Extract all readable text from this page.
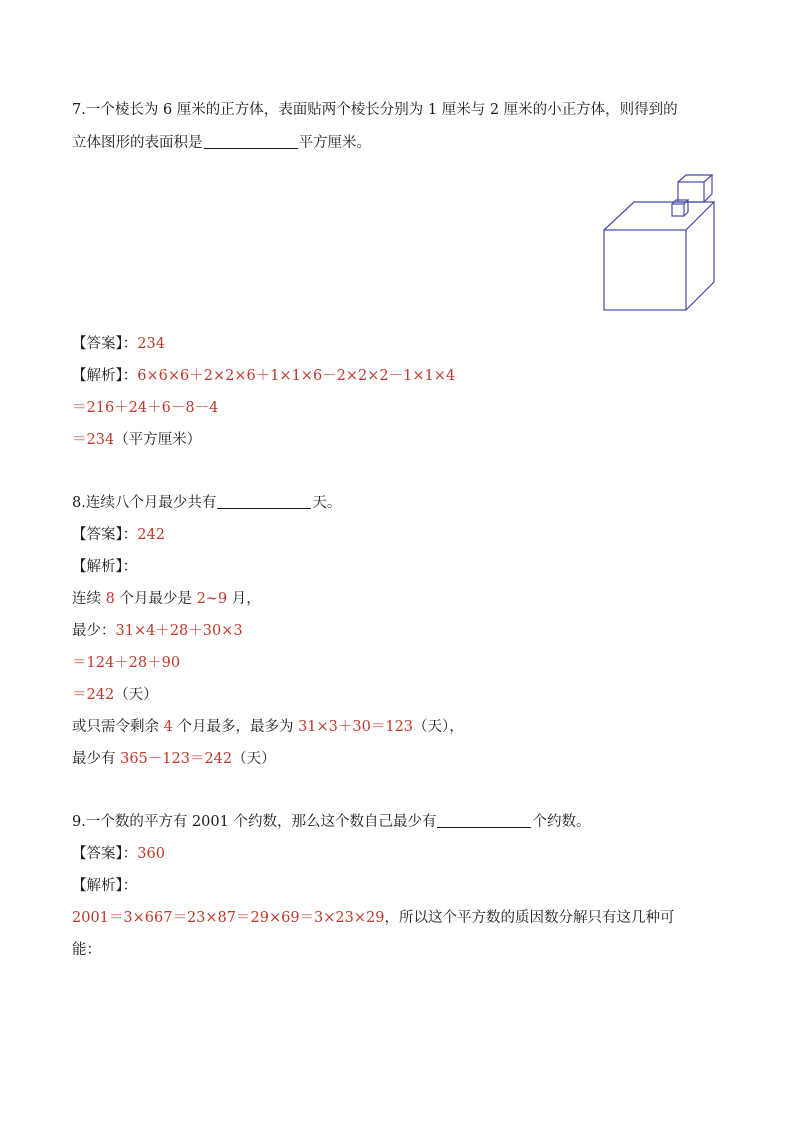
7.一个棱长为 6 厘米的正方体，表面贴两个棱长分别为 1 厘米与 2 厘米的小正方体，则得到的
立体图形的表面积是	平方厘米。
【答案】：234
【解析】：6×6×6＋2×2×6＋1×1×6－2×2×2－1×1×4
＝216＋24＋6－8－4
＝234（平方厘米）
8.连续八个月最少共有	天。
【答案】：242
【解析】：
连续 8 个月最少是 2~9 月，
最少：31×4＋28＋30×3
＝124＋28＋90
＝242（天）
或只需令剩余 4 个月最多，最多为 31×3＋30＝123（天），
最少有 365－123＝242（天）
9.一个数的平方有 2001 个约数，那么这个数自己最少有	个约数。
【答案】：360
【解析】：
2001＝3×667＝23×87＝29×69＝3×23×29，所以这个平方数的质因数分解只有这几种可
能：
